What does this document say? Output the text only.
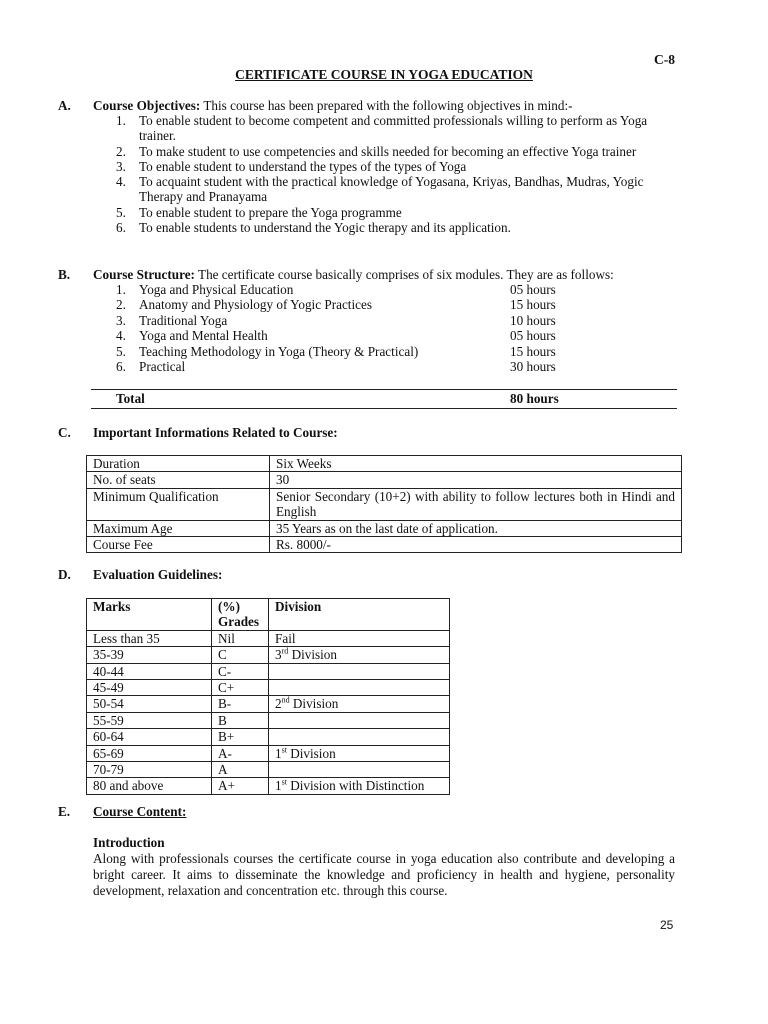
C-8
CERTIFICATE COURSE IN YOGA EDUCATION
A. Course Objectives: This course has been prepared with the following objectives in mind:-
1. To enable student to become competent and committed professionals willing to perform as Yoga trainer.
2. To make student to use competencies and skills needed for becoming an effective Yoga trainer
3. To enable student to understand the types of the types of Yoga
4. To acquaint student with the practical knowledge of Yogasana, Kriyas, Bandhas, Mudras, Yogic Therapy and Pranayama
5. To enable student to prepare the Yoga programme
6. To enable students to understand the Yogic therapy and its application.
B. Course Structure: The certificate course basically comprises of six modules. They are as follows:
1. Yoga and Physical Education	05 hours
2. Anatomy and Physiology of Yogic Practices	15 hours
3. Traditional Yoga	10 hours
4. Yoga and Mental Health	05 hours
5. Teaching Methodology in Yoga (Theory & Practical)	15 hours
6. Practical	30 hours
Total	80 hours
C. Important Informations Related to Course:
Duration	Six Weeks
No. of seats	30
Minimum Qualification	Senior Secondary (10+2) with ability to follow lectures both in Hindi and English
Maximum Age	35 Years as on the last date of application.
Course Fee	Rs. 8000/-
D. Evaluation Guidelines:
Marks	(%) Grades	Division
Less than 35	Nil	Fail
35-39	C	3rd Division
40-44	C-	
45-49	C+	
50-54	B-	2nd Division
55-59	B	
60-64	B+	
65-69	A-	1st Division
70-79	A	
80 and above	A+	1st Division with Distinction
E. Course Content:
Introduction
Along with professionals courses the certificate course in yoga education also contribute and developing a bright career. It aims to disseminate the knowledge and proficiency in health and hygiene, personality development, relaxation and concentration etc. through this course.
25
